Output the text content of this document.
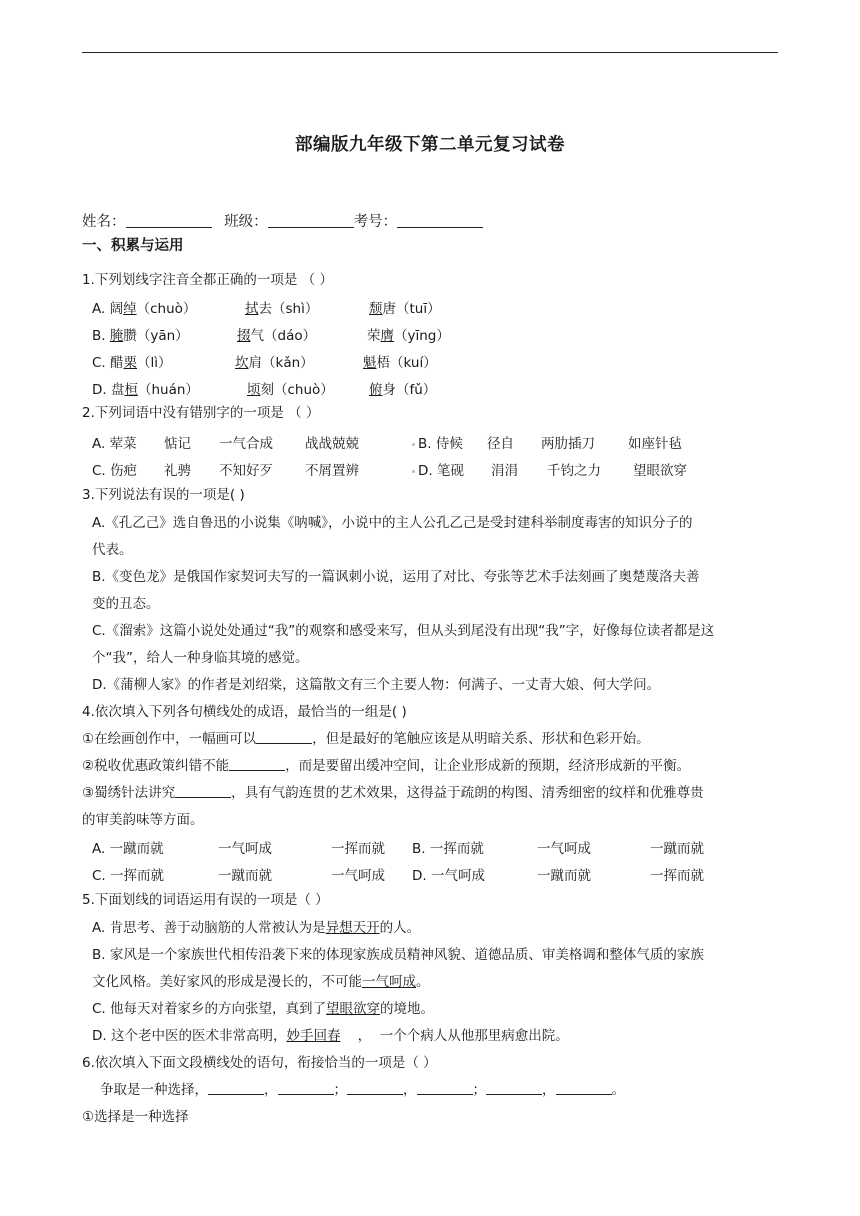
部编版九年级下第二单元复习试卷
姓名：	班级：	考号：
一、积累与运用
1.下列划线字注音全都正确的一项是 （ ）
A. 阔绰（chuò）	拭去（shì）	颓唐（tuī）
B. 腌臜（yān）	掇气（dáo）	荣膺（yīng）
C. 醋栗（lì）	坎肩（kǎn）	魁梧（kuí）
D. 盘桓（huán）	顷刻（chuò）	俯身（fǔ）
2.下列词语中没有错别字的一项是 （ ）
A. 荤菜 惦记 一气合成 战战兢兢	B. 侍候 径自 两肋插刀 如座针毡
C. 伤疤 礼骋 不知好歹 不屑置辨	D. 笔砚 涓涓 千钧之力 望眼欲穿
3.下列说法有误的一项是( )
A.《孔乙己》选自鲁迅的小说集《呐喊》，小说中的主人公孔乙己是受封建科举制度毒害的知识分子的
代表。
B.《变色龙》是俄国作家契诃夫写的一篇讽刺小说，运用了对比、夸张等艺术手法刻画了奥楚蔑洛夫善
变的丑态。
C.《溜索》这篇小说处处通过“我”的观察和感受来写，但从头到尾没有出现“我”字，好像每位读者都是这
个“我”，给人一种身临其境的感觉。
D.《蒲柳人家》的作者是刘绍棠，这篇散文有三个主要人物：何满子、一丈青大娘、何大学问。
4.依次填入下列各句横线处的成语，最恰当的一组是( )
①在绘画创作中，一幅画可以	，但是最好的笔触应该是从明暗关系、形状和色彩开始。
②税收优惠政策纠错不能	，而是要留出缓冲空间，让企业形成新的预期，经济形成新的平衡。
③蜀绣针法讲究	，具有气韵连贯的艺术效果，这得益于疏朗的构图、清秀细密的纹样和优雅尊贵
的审美韵味等方面。
A. 一蹴而就	一气呵成	一挥而就 B. 一挥而就	一气呵成	一蹴而就
C. 一挥而就	一蹴而就	一气呵成 D. 一气呵成	一蹴而就	一挥而就
5.下面划线的词语运用有误的一项是（ ）
A. 肯思考、善于动脑筋的人常被认为是异想天开的人。
B. 家风是一个家族世代相传沿袭下来的体现家族成员精神风貌、道德品质、审美格调和整体气质的家族
文化风格。美好家风的形成是漫长的，不可能一气呵成。
C. 他每天对着家乡的方向张望，真到了望眼欲穿的境地。
D. 这个老中医的医术非常高明，妙手回春    ，  一个个病人从他那里病愈出院。
6.依次填入下面文段横线处的语句，衔接恰当的一项是（ ）
争取是一种选择，	，	；	，	；	，	。
①选择是一种选择
